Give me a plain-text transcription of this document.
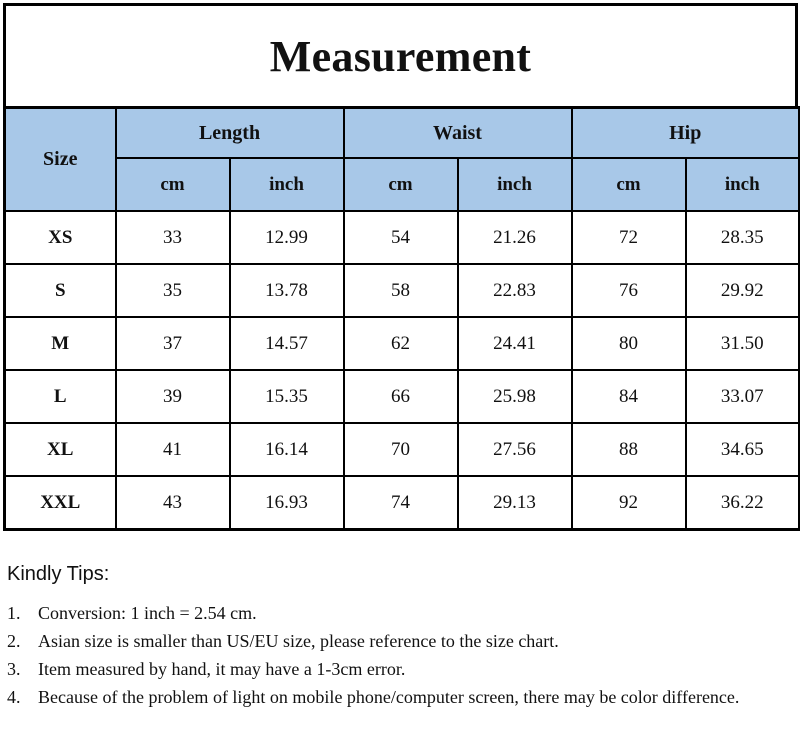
Measurement
Size	Length		Waist		Hip	
	cm	inch	cm	inch	cm	inch
XS	33	12.99	54	21.26	72	28.35
S	35	13.78	58	22.83	76	29.92
M	37	14.57	62	24.41	80	31.50
L	39	15.35	66	25.98	84	33.07
XL	41	16.14	70	27.56	88	34.65
XXL	43	16.93	74	29.13	92	36.22
Kindly Tips:
1. Conversion: 1 inch = 2.54 cm.
2. Asian size is smaller than US/EU size, please reference to the size chart.
3. Item measured by hand, it may have a 1-3cm error.
4. Because of the problem of light on mobile phone/computer screen, there may be color difference.
